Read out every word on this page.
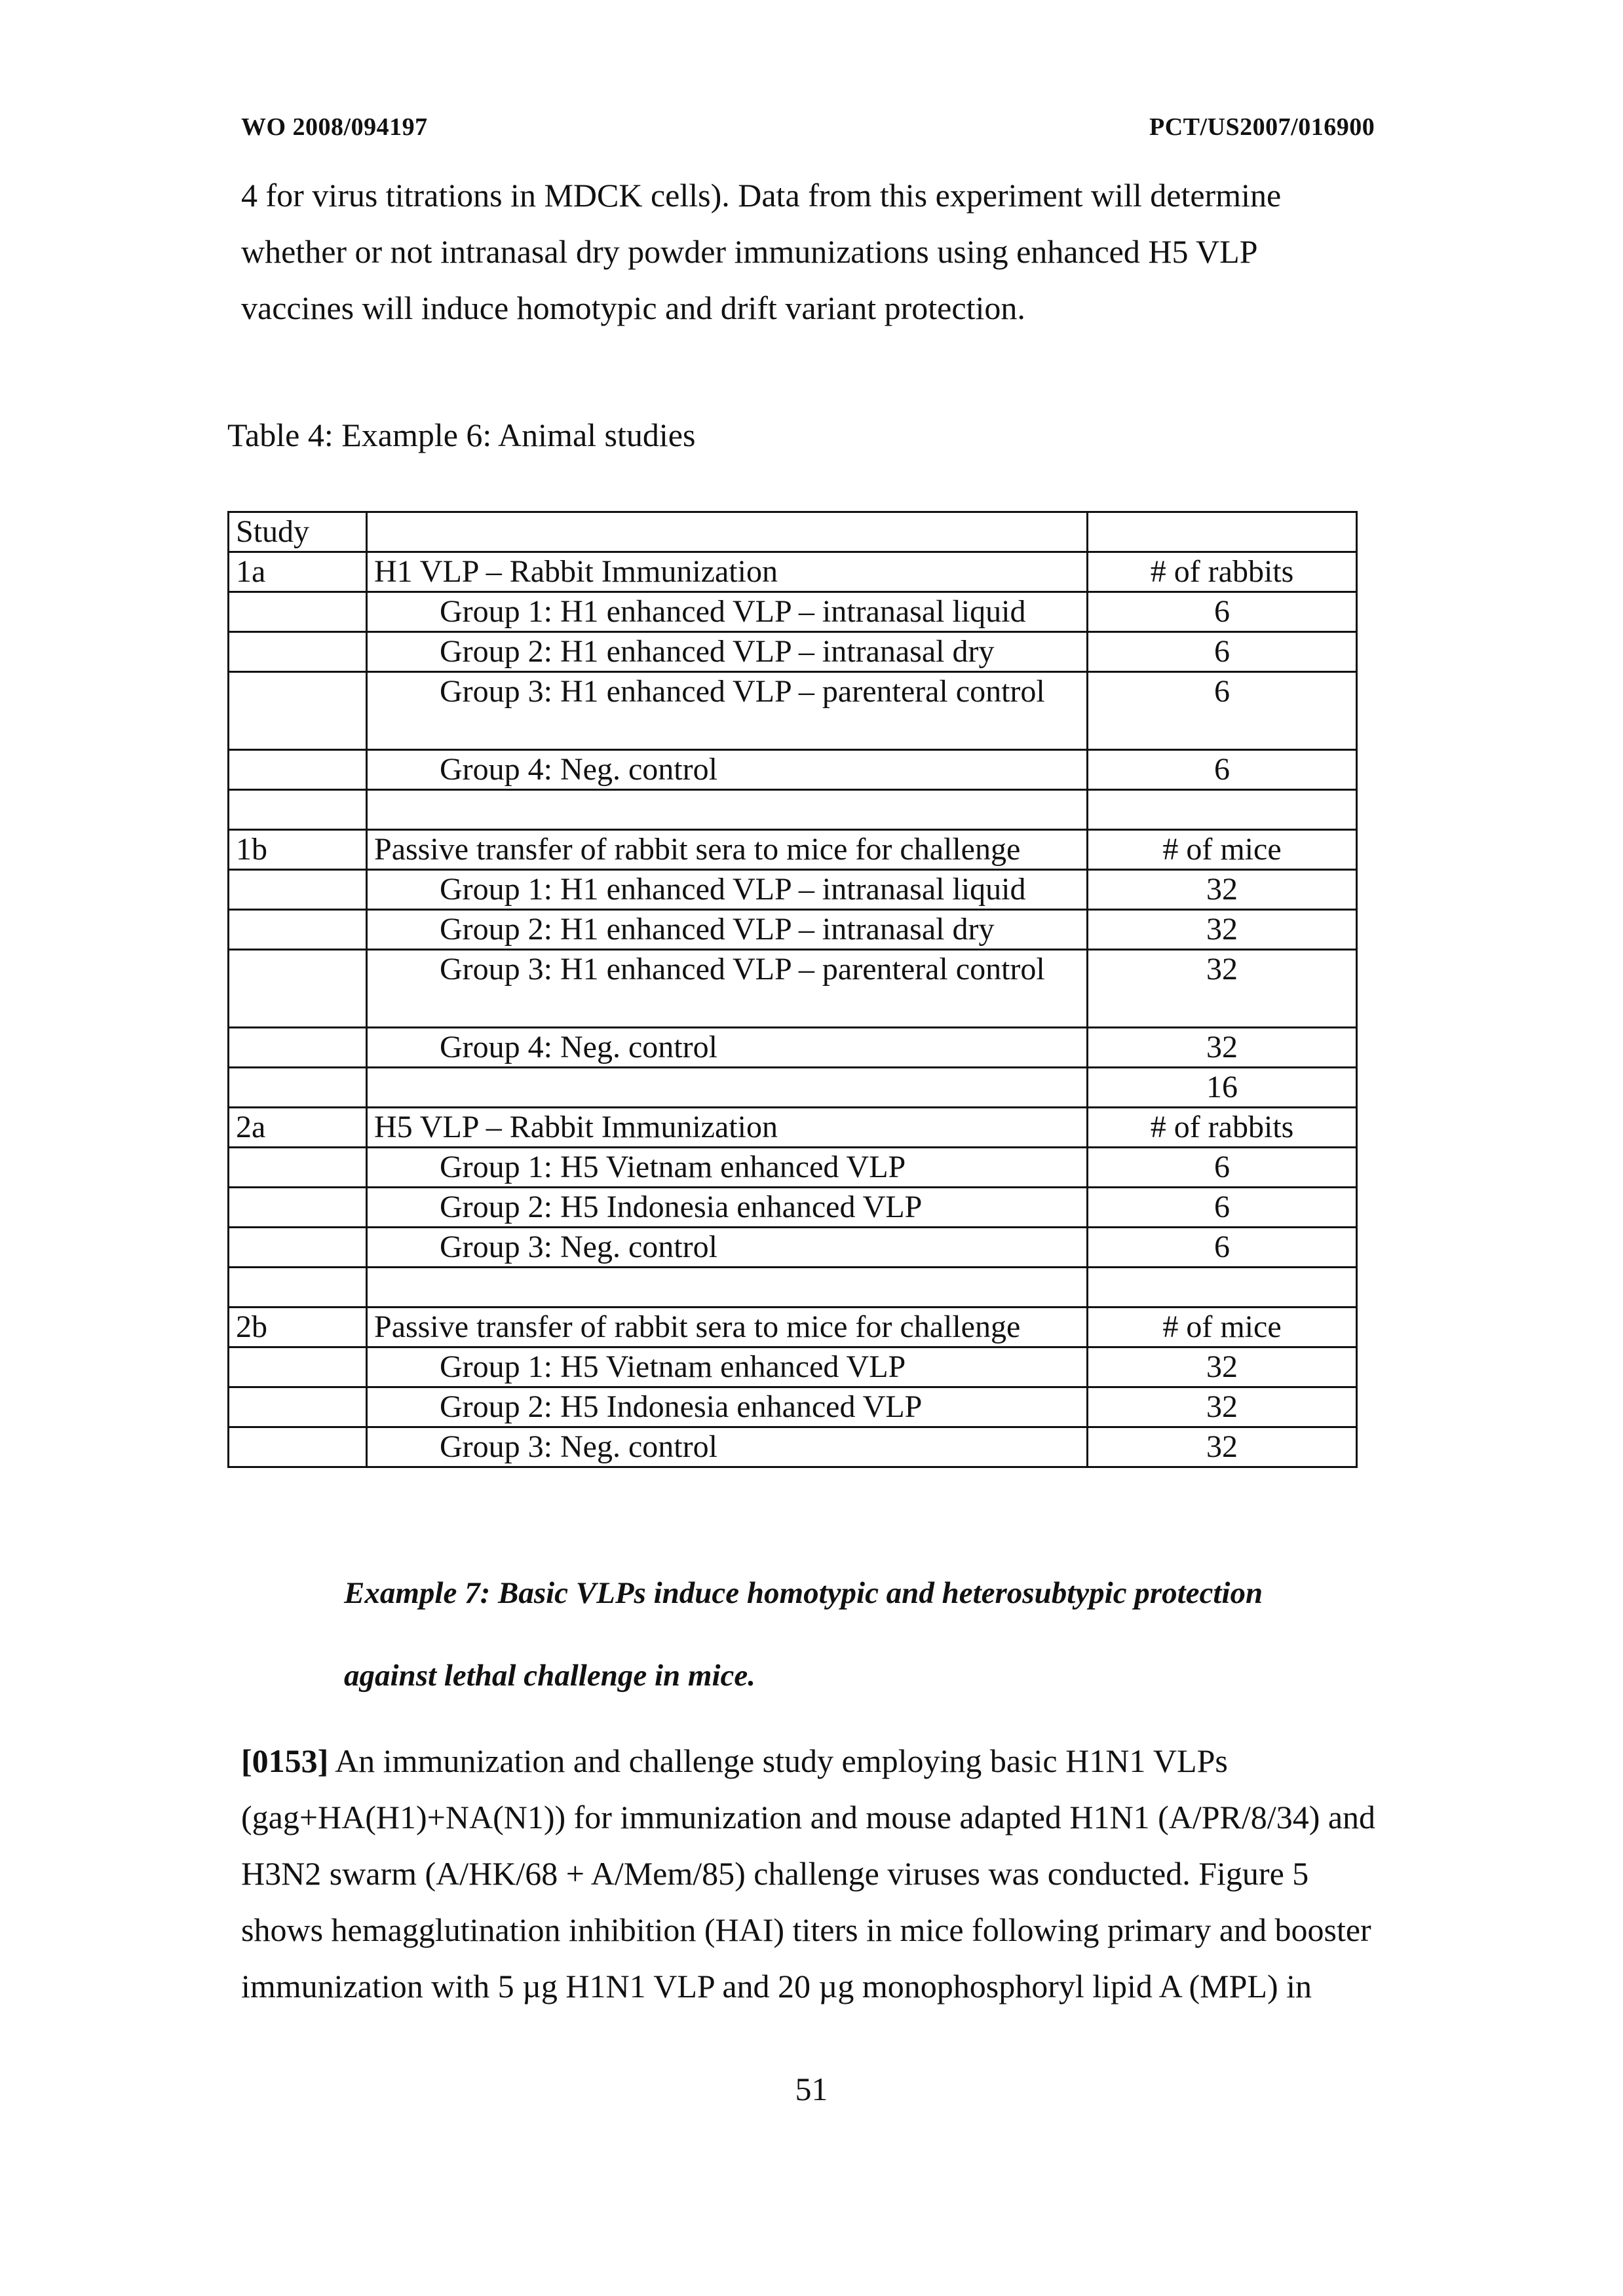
WO 2008/094197	PCT/US2007/016900
4 for virus titrations in MDCK cells). Data from this experiment will determine
whether or not intranasal dry powder immunizations using enhanced H5 VLP
vaccines will induce homotypic and drift variant protection.
Table 4: Example 6: Animal studies
Study		
1a	H1 VLP – Rabbit Immunization	# of rabbits
	Group 1: H1 enhanced VLP – intranasal liquid	6
	Group 2: H1 enhanced VLP – intranasal dry	6
	Group 3: H1 enhanced VLP – parenteral control	6
	Group 4: Neg. control	6

1b	Passive transfer of rabbit sera to mice for challenge	# of mice
	Group 1: H1 enhanced VLP – intranasal liquid	32
	Group 2: H1 enhanced VLP – intranasal dry	32
	Group 3: H1 enhanced VLP – parenteral control	32
	Group 4: Neg. control	32
		16
2a	H5 VLP – Rabbit Immunization	# of rabbits
	Group 1: H5 Vietnam enhanced VLP	6
	Group 2: H5 Indonesia enhanced VLP	6
	Group 3: Neg. control	6

2b	Passive transfer of rabbit sera to mice for challenge	# of mice
	Group 1: H5 Vietnam enhanced VLP	32
	Group 2: H5 Indonesia enhanced VLP	32
	Group 3: Neg. control	32
Example 7: Basic VLPs induce homotypic and heterosubtypic protection
against lethal challenge in mice.
[0153] An immunization and challenge study employing basic H1N1 VLPs
(gag+HA(H1)+NA(N1)) for immunization and mouse adapted H1N1 (A/PR/8/34) and
H3N2 swarm (A/HK/68 + A/Mem/85) challenge viruses was conducted. Figure 5
shows hemagglutination inhibition (HAI) titers in mice following primary and booster
immunization with 5 µg H1N1 VLP and 20 µg monophosphoryl lipid A (MPL) in
51
